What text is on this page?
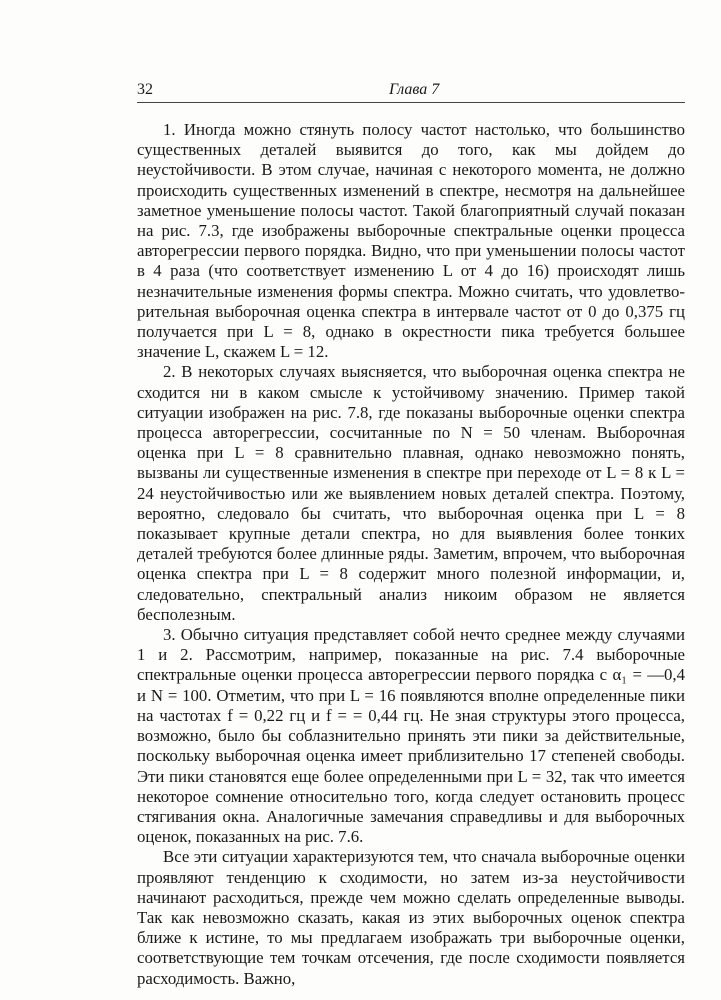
32	Глава 7

1. Иногда можно стянуть полосу частот настолько, что большинство существенных деталей выявится до того, как мы дойдем до неустойчивости. В этом случае, начиная с некоторого момента, не должно происходить существенных изменений в спектре, несмотря на дальнейшее заметное уменьшение полосы частот. Такой благоприятный случай показан на рис. 7.3, где изображены выборочные спектральные оценки процесса авторегрессии первого порядка. Видно, что при уменьшении полосы частот в 4 раза (что соответствует изменению L от 4 до 16) происходят лишь незначительные изменения формы спектра. Можно считать, что удовлетворительная выборочная оценка спектра в интервале частот от 0 до 0,375 гц получается при L = 8, однако в окрестности пика требуется большее значение L, скажем L = 12.

2. В некоторых случаях выясняется, что выборочная оценка спектра не сходится ни в каком смысле к устойчивому значению. Пример такой ситуации изображен на рис. 7.8, где показаны выборочные оценки спектра процесса авторегрессии, сосчитанные по N = 50 членам. Выборочная оценка при L = 8 сравнительно плавная, однако невозможно понять, вызваны ли существенные изменения в спектре при переходе от L = 8 к L = 24 неустойчивостью или же выявлением новых деталей спектра. Поэтому, вероятно, следовало бы считать, что выборочная оценка при L = 8 показывает крупные детали спектра, но для выявления более тонких деталей требуются более длинные ряды. Заметим, впрочем, что выборочная оценка спектра при L = 8 содержит много полезной информации, и, следовательно, спектральный анализ никоим образом не является бесполезным.

3. Обычно ситуация представляет собой нечто среднее между случаями 1 и 2. Рассмотрим, например, показанные на рис. 7.4 выборочные спектральные оценки процесса авторегрессии первого порядка с α₁ = —0,4 и N = 100. Отметим, что при L = 16 появляются вполне определенные пики на частотах f = 0,22 гц и f = = 0,44 гц. Не зная структуры этого процесса, возможно, было бы соблазнительно принять эти пики за действительные, поскольку выборочная оценка имеет приблизительно 17 степеней свободы. Эти пики становятся еще более определенными при L = 32, так что имеется некоторое сомнение относительно того, когда следует остановить процесс стягивания окна. Аналогичные замечания справедливы и для выборочных оценок, показанных на рис. 7.6.

Все эти ситуации характеризуются тем, что сначала выборочные оценки проявляют тенденцию к сходимости, но затем из-за неустойчивости начинают расходиться, прежде чем можно сделать определенные выводы. Так как невозможно сказать, какая из этих выборочных оценок спектра ближе к истине, то мы предлагаем изображать три выборочные оценки, соответствующие тем точкам отсечения, где после сходимости появляется расходимость. Важно,
